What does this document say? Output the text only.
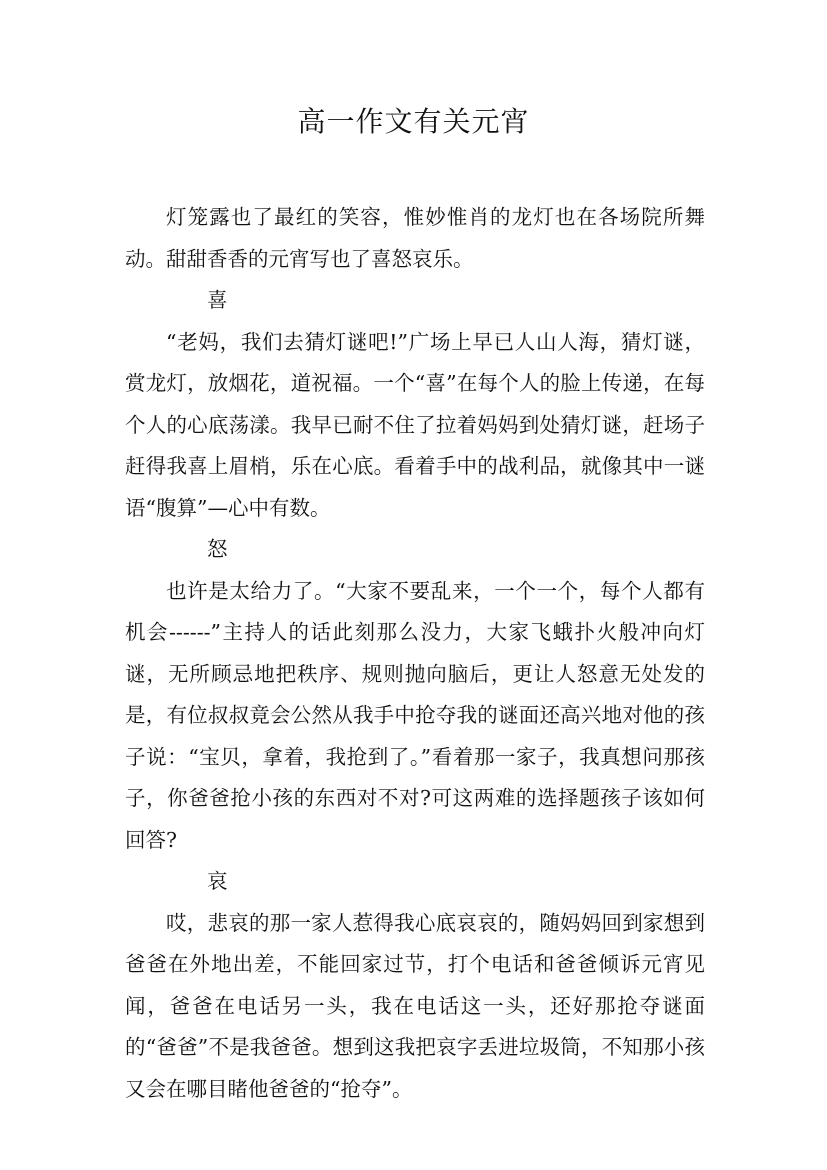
高一作文有关元宵

灯笼露也了最红的笑容，惟妙惟肖的龙灯也在各场院所舞动。甜甜香香的元宵写也了喜怒哀乐。

喜

“老妈，我们去猜灯谜吧!”广场上早已人山人海，猜灯谜，赏龙灯，放烟花，道祝福。一个“喜”在每个人的脸上传递，在每个人的心底荡漾。我早已耐不住了拉着妈妈到处猜灯谜，赶场子赶得我喜上眉梢，乐在心底。看着手中的战利品，就像其中一谜语“腹算”—心中有数。

怒

也许是太给力了。“大家不要乱来，一个一个，每个人都有机会------”主持人的话此刻那么没力，大家飞蛾扑火般冲向灯谜，无所顾忌地把秩序、规则抛向脑后，更让人怒意无处发的是，有位叔叔竟会公然从我手中抢夺我的谜面还高兴地对他的孩子说：“宝贝，拿着，我抢到了。”看着那一家子，我真想问那孩子，你爸爸抢小孩的东西对不对?可这两难的选择题孩子该如何回答?

哀

哎，悲哀的那一家人惹得我心底哀哀的，随妈妈回到家想到爸爸在外地出差，不能回家过节，打个电话和爸爸倾诉元宵见闻，爸爸在电话另一头，我在电话这一头，还好那抢夺谜面的“爸爸”不是我爸爸。想到这我把哀字丢进垃圾筒，不知那小孩又会在哪目睹他爸爸的“抢夺”。
